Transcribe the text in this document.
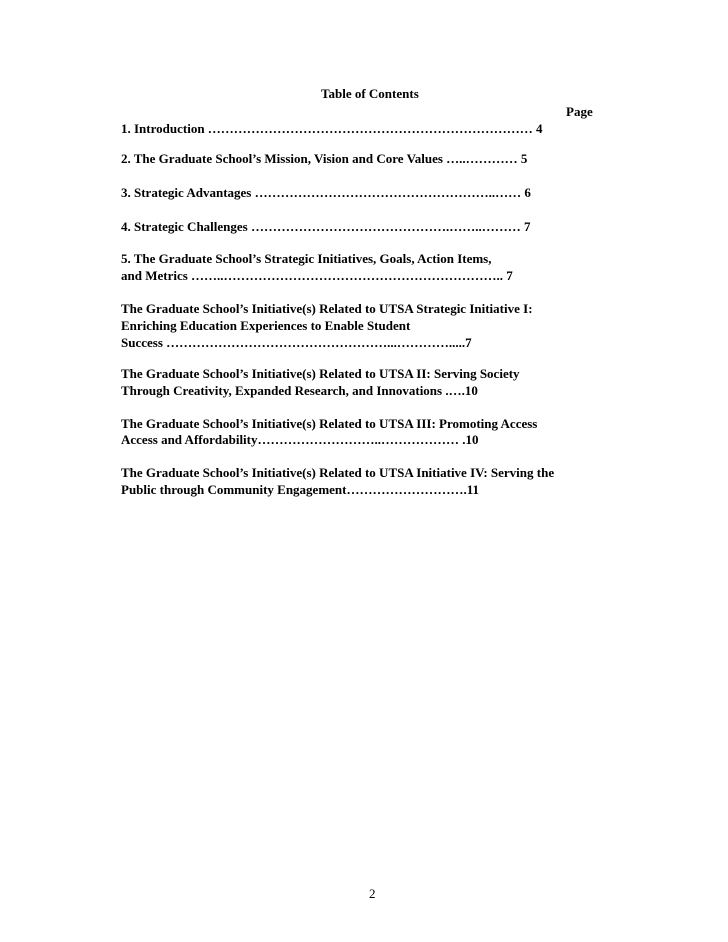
Table of Contents
Page
1. Introduction ………………………………………………………………… 4
2. The Graduate School’s Mission, Vision and Core Values …..………… 5
3. Strategic Advantages ………………………………………………..…… 6
4. Strategic Challenges ……………………………………….……..……… 7
5. The Graduate School’s Strategic Initiatives, Goals, Action Items,
and Metrics ……..……………………………………………………….. 7
The Graduate School’s Initiative(s) Related to UTSA Strategic Initiative I:
Enriching Education Experiences to Enable Student
Success ……………………………………………...………….....7
The Graduate School’s Initiative(s) Related to UTSA II: Serving Society
Through Creativity, Expanded Research, and Innovations .….10
The Graduate School’s Initiative(s) Related to UTSA III: Promoting Access
Access and Affordability………………………..……………… .10
The Graduate School’s Initiative(s) Related to UTSA Initiative IV: Serving the
Public through Community Engagement……………………….11
2
